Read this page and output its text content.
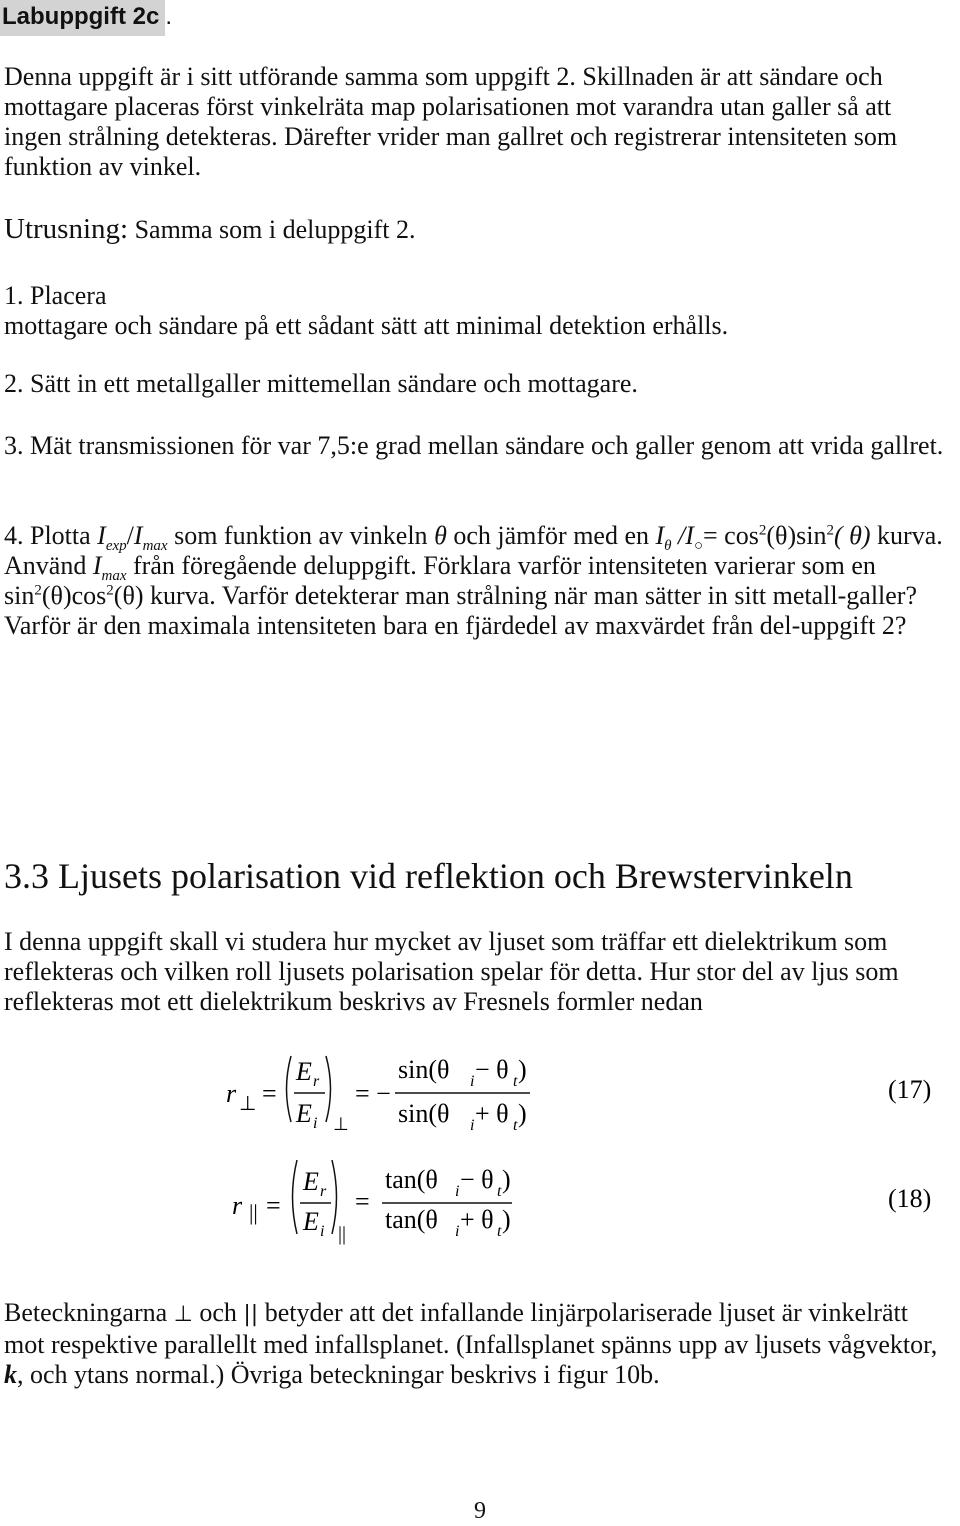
Labuppgift 2c .

Denna uppgift är i sitt utförande samma som uppgift 2. Skillnaden är att sändare och mottagare placeras först vinkelräta map polarisationen mot varandra utan galler så att ingen strålning detekteras. Därefter vrider man gallret och registrerar intensiteten som funktion av vinkel.

Utrusning: Samma som i deluppgift 2.

1. Placera
mottagare och sändare på ett sådant sätt att minimal detektion erhålls.

2. Sätt in ett metallgaller mittemellan sändare och mottagare.

3. Mät transmissionen för var 7,5:e grad mellan sändare och galler genom att vrida gallret.

4. Plotta $I_{exp}/I_{max}$ som funktion av vinkeln θ och jämför med en $I_\theta$ $/I_○= \cos^2(\theta)\sin^2$( θ) kurva. Använd $I_{max}$ från föregående deluppgift. Förklara varför intensiteten varierar som en $\sin^2(\theta)\cos^2(\theta)$ kurva. Varför detekterar man strålning när man sätter in sitt metall-galler? Varför är den maximala intensiteten bara en fjärdedel av maxvärdet från del-uppgift 2?

3.3 Ljusets polarisation vid reflektion och Brewstervinkeln

I denna uppgift skall vi studera hur mycket av ljuset som träffar ett dielektrikum som reflekteras och vilken roll ljusets polarisation spelar för detta. Hur stor del av ljus som reflekteras mot ett dielektrikum beskrivs av Fresnels formler nedan

r ⊥ =
E r
E i ⊥
= −
sin(θ i − θ t )
sin(θ i + θ t )
(17)
r || =
E r
E i ||
=
tan(θ i − θ t )
tan(θ i + θ t )
(18)

Beteckningarna ⊥ och || betyder att det infallande linjärpolariserade ljuset är vinkelrätt mot respektive parallellt med infallsplanet. (Infallsplanet spänns upp av ljusets vågvektor, k, och ytans normal.) Övriga beteckningar beskrivs i figur 10b.

9
